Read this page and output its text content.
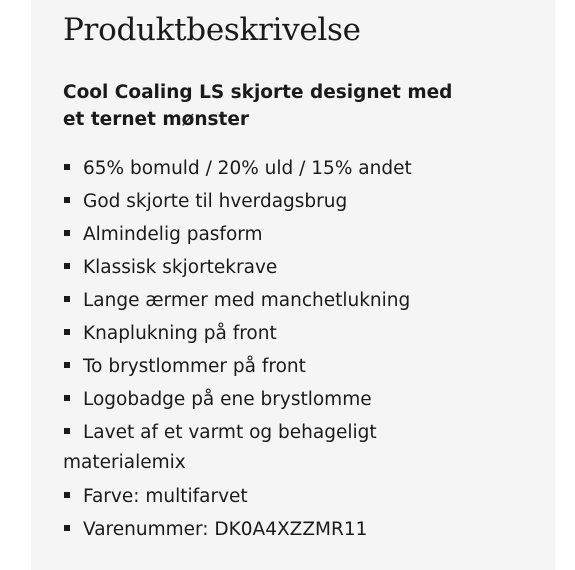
Produktbeskrivelse

Cool Coaling LS skjorte designet med et ternet mønster

65% bomuld / 20% uld / 15% andet
God skjorte til hverdagsbrug
Almindelig pasform
Klassisk skjortekrave
Lange ærmer med manchetlukning
Knaplukning på front
To brystlommer på front
Logobadge på ene brystlomme
Lavet af et varmt og behageligt materialemix
Farve: multifarvet
Varenummer: DK0A4XZZMR11
